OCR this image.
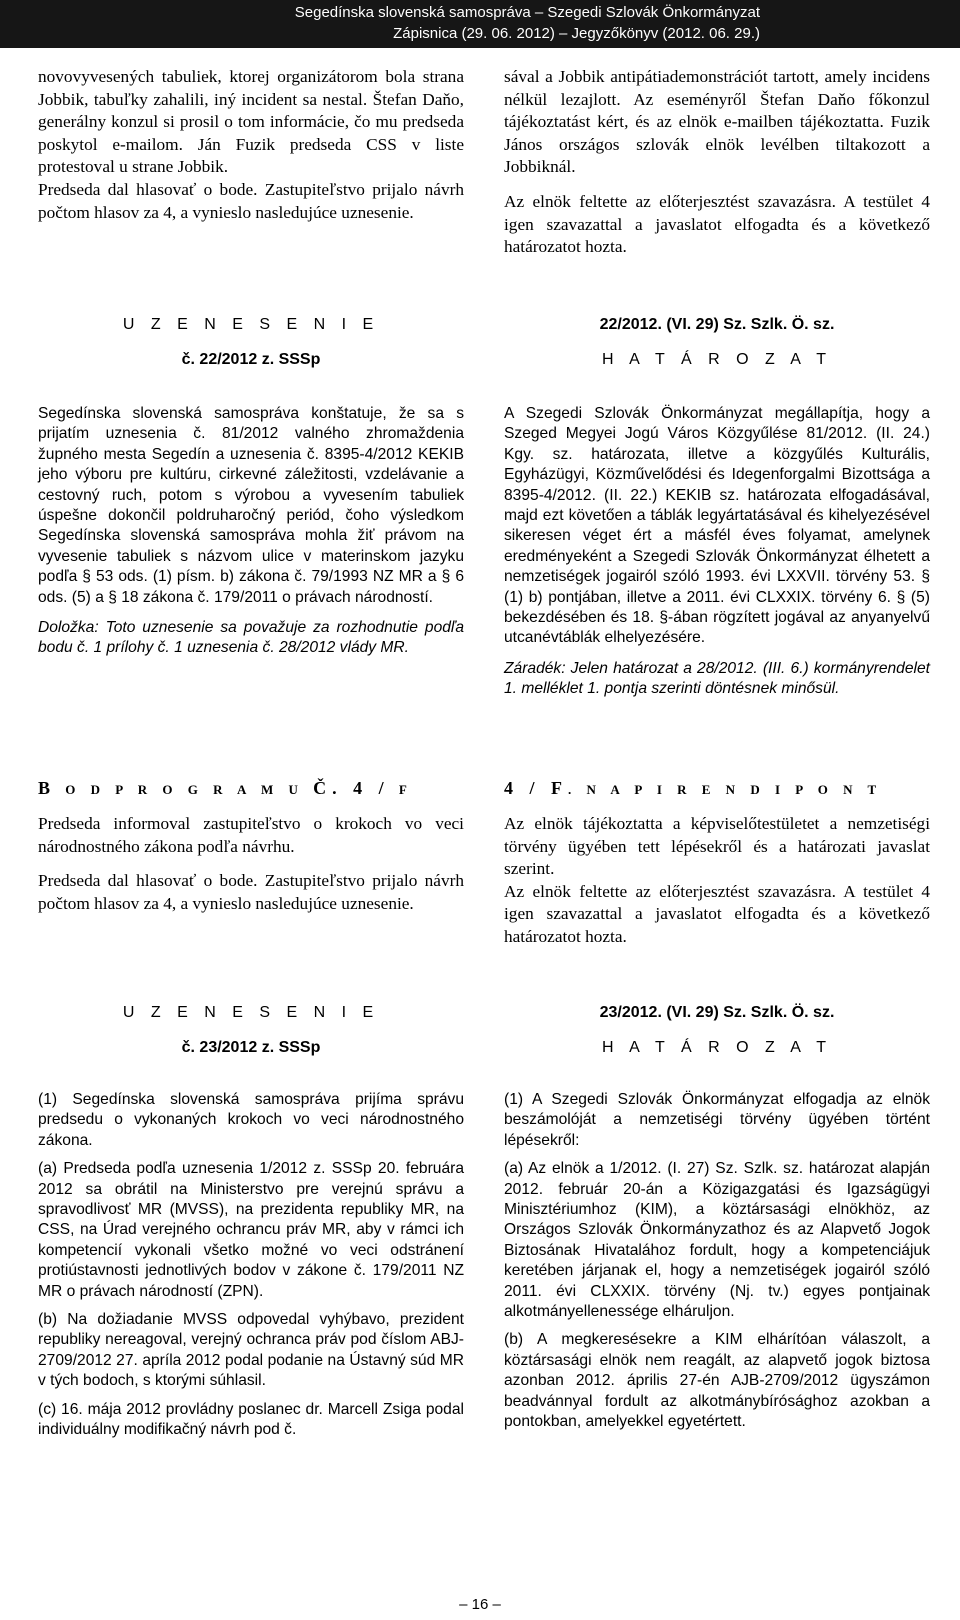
Segedínska slovenská samospráva – Szegedi Szlovák Önkormányzat
Zápisnica (29. 06. 2012) – Jegyzőkönyv (2012. 06. 29.)

novovyvesených tabuliek, ktorej organizátorom bola strana Jobbik, tabuľky zahalili, iný incident sa nestal. Štefan Daňo, generálny konzul si prosil o tom informácie, čo mu predseda poskytol e-mailom. Ján Fuzik predseda CSS v liste protestoval u strane Jobbik.

Predseda dal hlasovať o bode. Zastupiteľstvo prijalo návrh počtom hlasov za 4, a vynieslo nasledujúce uznesenie.

sával a Jobbik antipátiademonstrációt tartott, amely incidens nélkül lezajlott. Az eseményről Štefan Daňo főkonzul tájékoztatást kért, és az elnök e-mailben tájékoztatta. Fuzik János országos szlovák elnök levélben tiltakozott a Jobbiknál.

Az elnök feltette az előterjesztést szavazásra. A testület 4 igen szavazattal a javaslatot elfogadta és a következő határozatot hozta.

U Z E N E S E N I E

č. 22/2012 z. SSSp

22/2012. (VI. 29) Sz. Szlk. Ö. sz.

H A T Á R O Z A T

Segedínska slovenská samospráva konštatuje, že sa s prijatím uznesenia č. 81/2012 valného zhromaždenia župného mesta Segedín a uznesenia č. 8395-4/2012 KEKIB jeho výboru pre kultúru, cirkevné záležitosti, vzdelávanie a cestovný ruch, potom s výrobou a vyvesením tabuliek úspešne dokončil poldruharočný periód, čoho výsledkom Segedínska slovenská samospráva mohla žiť právom na vyvesenie tabuliek s názvom ulice v materinskom jazyku podľa § 53 ods. (1) písm. b) zákona č. 79/1993 NZ MR a § 6 ods. (5) a § 18 zákona č. 179/2011 o právach národností.

Doložka: Toto uznesenie sa považuje za rozhodnutie podľa bodu č. 1 prílohy č. 1 uznesenia č. 28/2012 vlády MR.

A Szegedi Szlovák Önkormányzat megállapítja, hogy a Szeged Megyei Jogú Város Közgyűlése 81/2012. (II. 24.) Kgy. sz. határozata, illetve a közgyűlés Kulturális, Egyházügyi, Közművelődési és Idegenforgalmi Bizottsága a 8395-4/2012. (II. 22.) KEKIB sz. határozata elfogadásával, majd ezt követően a táblák legyártatásával és kihelyezésével sikeresen véget ért a másfél éves folyamat, amelynek eredményeként a Szegedi Szlovák Önkormányzat élhetett a nemzetiségek jogairól szóló 1993. évi LXXVII. törvény 53. § (1) b) pontjában, illetve a 2011. évi CLXXIX. törvény 6. § (5) bekezdésében és 18. §-ában rögzített jogával az anyanyelvű utcanévtáblák elhelyezésére.

Záradék: Jelen határozat a 28/2012. (III. 6.) kormányrendelet 1. melléklet 1. pontja szerinti döntésnek minősül.

B O D P R O G R A M U Č. 4 / F

Predseda informoval zastupiteľstvo o krokoch vo veci národnostného zákona podľa návrhu.

Predseda dal hlasovať o bode. Zastupiteľstvo prijalo návrh počtom hlasov za 4, a vynieslo nasledujúce uznesenie.

4 / F. N A P I R E N D I P O N T

Az elnök tájékoztatta a képviselőtestületet a nemzetiségi törvény ügyében tett lépésekről és a határozati javaslat szerint.

Az elnök feltette az előterjesztést szavazásra. A testület 4 igen szavazattal a javaslatot elfogadta és a következő határozatot hozta.

U Z E N E S E N I E

č. 23/2012 z. SSSp

23/2012. (VI. 29) Sz. Szlk. Ö. sz.

H A T Á R O Z A T

(1) Segedínska slovenská samospráva prijíma správu predsedu o vykonaných krokoch vo veci národnostného zákona.

(a) Predseda podľa uznesenia 1/2012 z. SSSp 20. februára 2012 sa obrátil na Ministerstvo pre verejnú správu a spravodlivosť MR (MVSS), na prezidenta republiky MR, na CSS, na Úrad verejného ochrancu práv MR, aby v rámci ich kompetencií vykonali všetko možné vo veci odstránení protiústavnosti jednotlivých bodov v zákone č. 179/2011 NZ MR o právach národností (ZPN).

(b) Na dožiadanie MVSS odpovedal vyhýbavo, prezident republiky nereagoval, verejný ochranca práv pod číslom ABJ-2709/2012 27. apríla 2012 podal podanie na Ústavný súd MR v tých bodoch, s ktorými súhlasil.

(c) 16. mája 2012 provládny poslanec dr. Marcell Zsiga podal individuálny modifikačný návrh pod č.

(1) A Szegedi Szlovák Önkormányzat elfogadja az elnök beszámolóját a nemzetiségi törvény ügyében történt lépésekről:

(a) Az elnök a 1/2012. (I. 27) Sz. Szlk. sz. határozat alapján 2012. február 20-án a Közigazgatási és Igazságügyi Minisztériumhoz (KIM), a köztársasági elnökhöz, az Országos Szlovák Önkormányzathoz és az Alapvető Jogok Biztosának Hivatalához fordult, hogy a kompetenciájuk keretében járjanak el, hogy a nemzetiségek jogairól szóló 2011. évi CLXXIX. törvény (Nj. tv.) egyes pontjainak alkotmányellenessége elháruljon.

(b) A megkeresésekre a KIM elhárítóan válaszolt, a köztársasági elnök nem reagált, az alapvető jogok biztosa azonban 2012. április 27-én AJB-2709/2012 ügyszámon beadvánnyal fordult az alkotmánybírósághoz azokban a pontokban, amelyekkel egyetértett.

– 16 –
